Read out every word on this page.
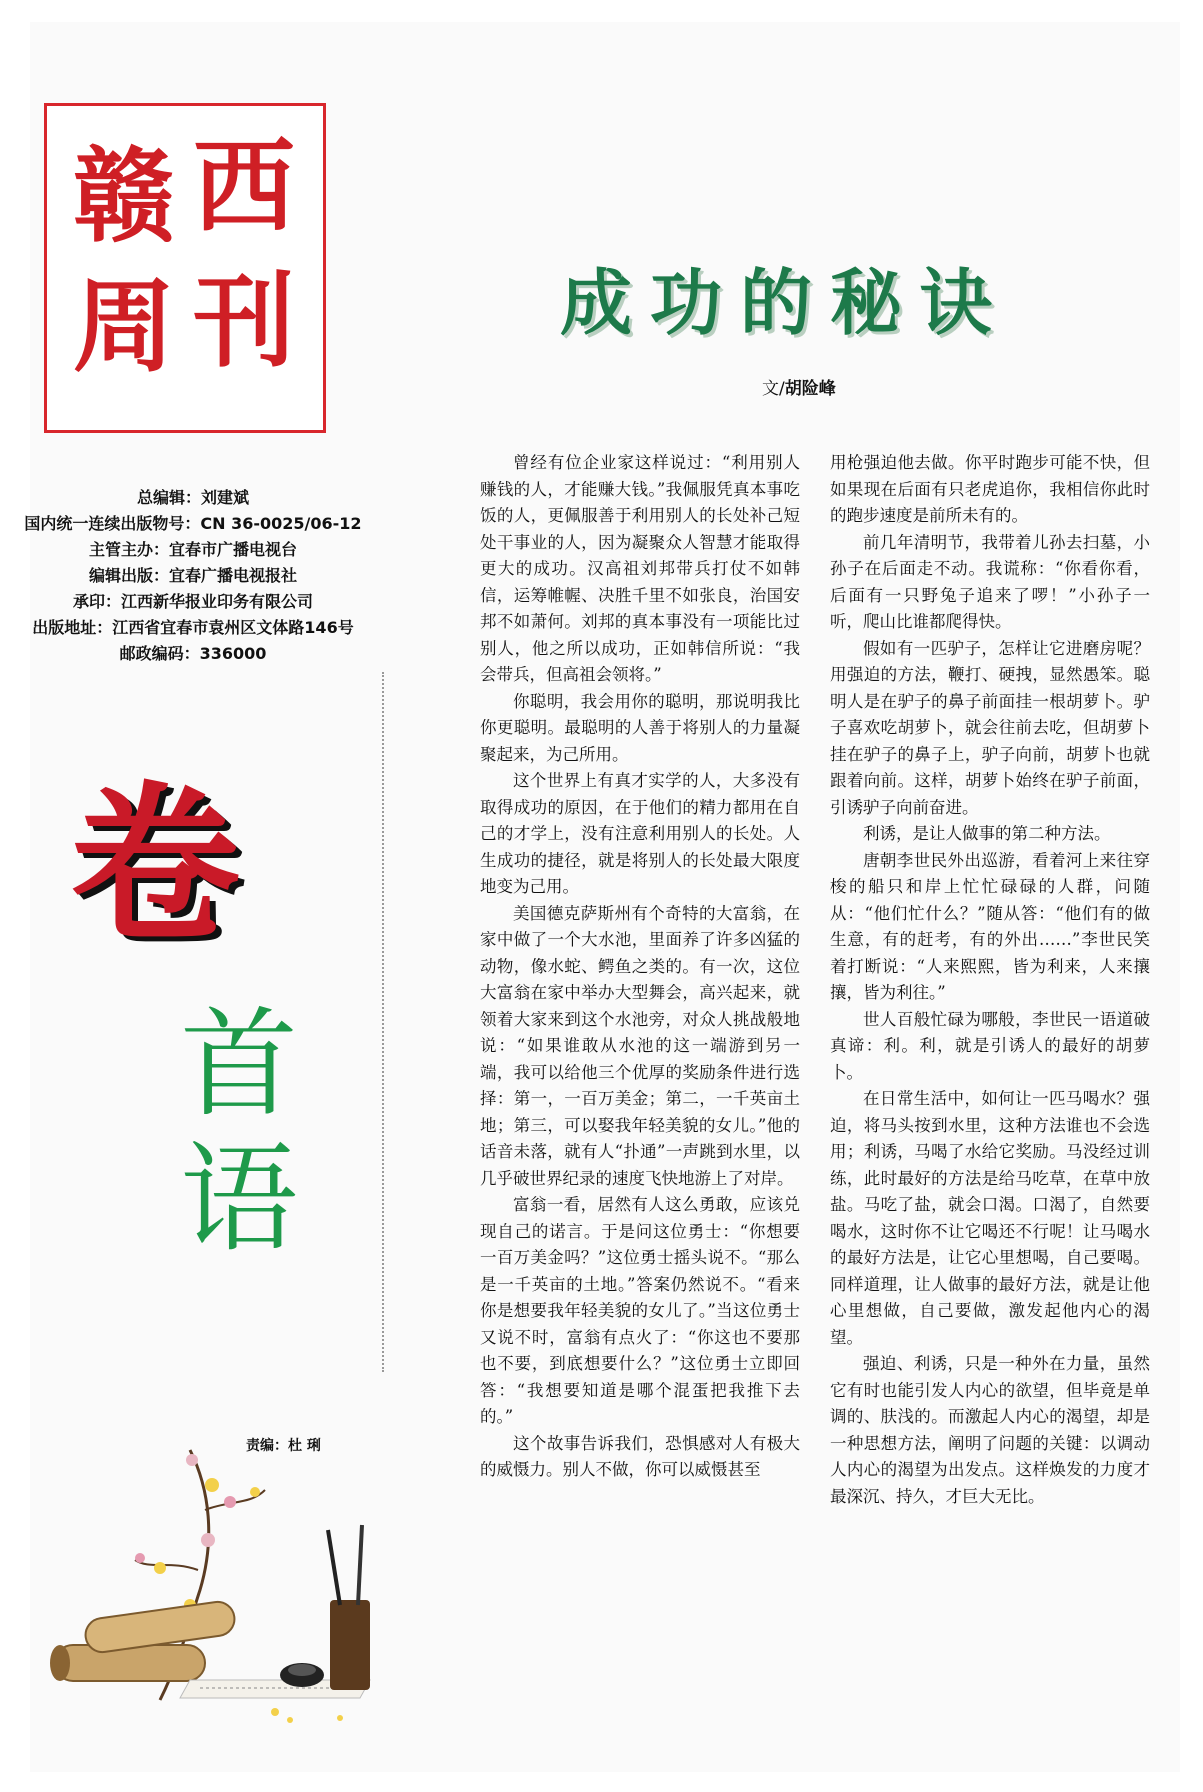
赣 西
周 刊
总编辑：刘建斌
国内统一连续出版物号：CN 36-0025/06-12
主管主办：宜春市广播电视台
编辑出版：宜春广播电视报社
承印：江西新华报业印务有限公司
出版地址：江西省宜春市袁州区文体路146号
邮政编码：336000
卷
首
语
责编：杜 琍
成功的秘诀
文/胡险峰

曾经有位企业家这样说过：“利用别人赚钱的人，才能赚大钱。”我佩服凭真本事吃饭的人，更佩服善于利用别人的长处补己短处干事业的人，因为凝聚众人智慧才能取得更大的成功。汉高祖刘邦带兵打仗不如韩信，运筹帷幄、决胜千里不如张良，治国安邦不如萧何。刘邦的真本事没有一项能比过别人，他之所以成功，正如韩信所说：“我会带兵，但高祖会领将。”

你聪明，我会用你的聪明，那说明我比你更聪明。最聪明的人善于将别人的力量凝聚起来，为己所用。

这个世界上有真才实学的人，大多没有取得成功的原因，在于他们的精力都用在自己的才学上，没有注意利用别人的长处。人生成功的捷径，就是将别人的长处最大限度地变为己用。

美国德克萨斯州有个奇特的大富翁，在家中做了一个大水池，里面养了许多凶猛的动物，像水蛇、鳄鱼之类的。有一次，这位大富翁在家中举办大型舞会，高兴起来，就领着大家来到这个水池旁，对众人挑战般地说：“如果谁敢从水池的这一端游到另一端，我可以给他三个优厚的奖励条件进行选择：第一，一百万美金；第二，一千英亩土地；第三，可以娶我年轻美貌的女儿。”他的话音未落，就有人“扑通”一声跳到水里，以几乎破世界纪录的速度飞快地游上了对岸。

富翁一看，居然有人这么勇敢，应该兑现自己的诺言。于是问这位勇士：“你想要一百万美金吗？”这位勇士摇头说不。“那么是一千英亩的土地。”答案仍然说不。“看来你是想要我年轻美貌的女儿了。”当这位勇士又说不时，富翁有点火了：“你这也不要那也不要，到底想要什么？”这位勇士立即回答：“我想要知道是哪个混蛋把我推下去的。”

这个故事告诉我们，恐惧感对人有极大的威慑力。别人不做，你可以威慑甚至

用枪强迫他去做。你平时跑步可能不快，但如果现在后面有只老虎追你，我相信你此时的跑步速度是前所未有的。

前几年清明节，我带着儿孙去扫墓，小孙子在后面走不动。我谎称：“你看你看，后面有一只野兔子追来了啰！”小孙子一听，爬山比谁都爬得快。

假如有一匹驴子，怎样让它进磨房呢？用强迫的方法，鞭打、硬拽，显然愚笨。聪明人是在驴子的鼻子前面挂一根胡萝卜。驴子喜欢吃胡萝卜，就会往前去吃，但胡萝卜挂在驴子的鼻子上，驴子向前，胡萝卜也就跟着向前。这样，胡萝卜始终在驴子前面，引诱驴子向前奋进。

利诱，是让人做事的第二种方法。

唐朝李世民外出巡游，看着河上来往穿梭的船只和岸上忙忙碌碌的人群，问随从：“他们忙什么？”随从答：“他们有的做生意，有的赶考，有的外出……”李世民笑着打断说：“人来熙熙，皆为利来，人来攘攘，皆为利往。”

世人百般忙碌为哪般，李世民一语道破真谛：利。利，就是引诱人的最好的胡萝卜。

在日常生活中，如何让一匹马喝水？强迫，将马头按到水里，这种方法谁也不会选用；利诱，马喝了水给它奖励。马没经过训练，此时最好的方法是给马吃草，在草中放盐。马吃了盐，就会口渴。口渴了，自然要喝水，这时你不让它喝还不行呢！让马喝水的最好方法是，让它心里想喝，自己要喝。同样道理，让人做事的最好方法，就是让他心里想做，自己要做，激发起他内心的渴望。

强迫、利诱，只是一种外在力量，虽然它有时也能引发人内心的欲望，但毕竟是单调的、肤浅的。而激起人内心的渴望，却是一种思想方法，阐明了问题的关键：以调动人内心的渴望为出发点。这样焕发的力度才最深沉、持久，才巨大无比。
